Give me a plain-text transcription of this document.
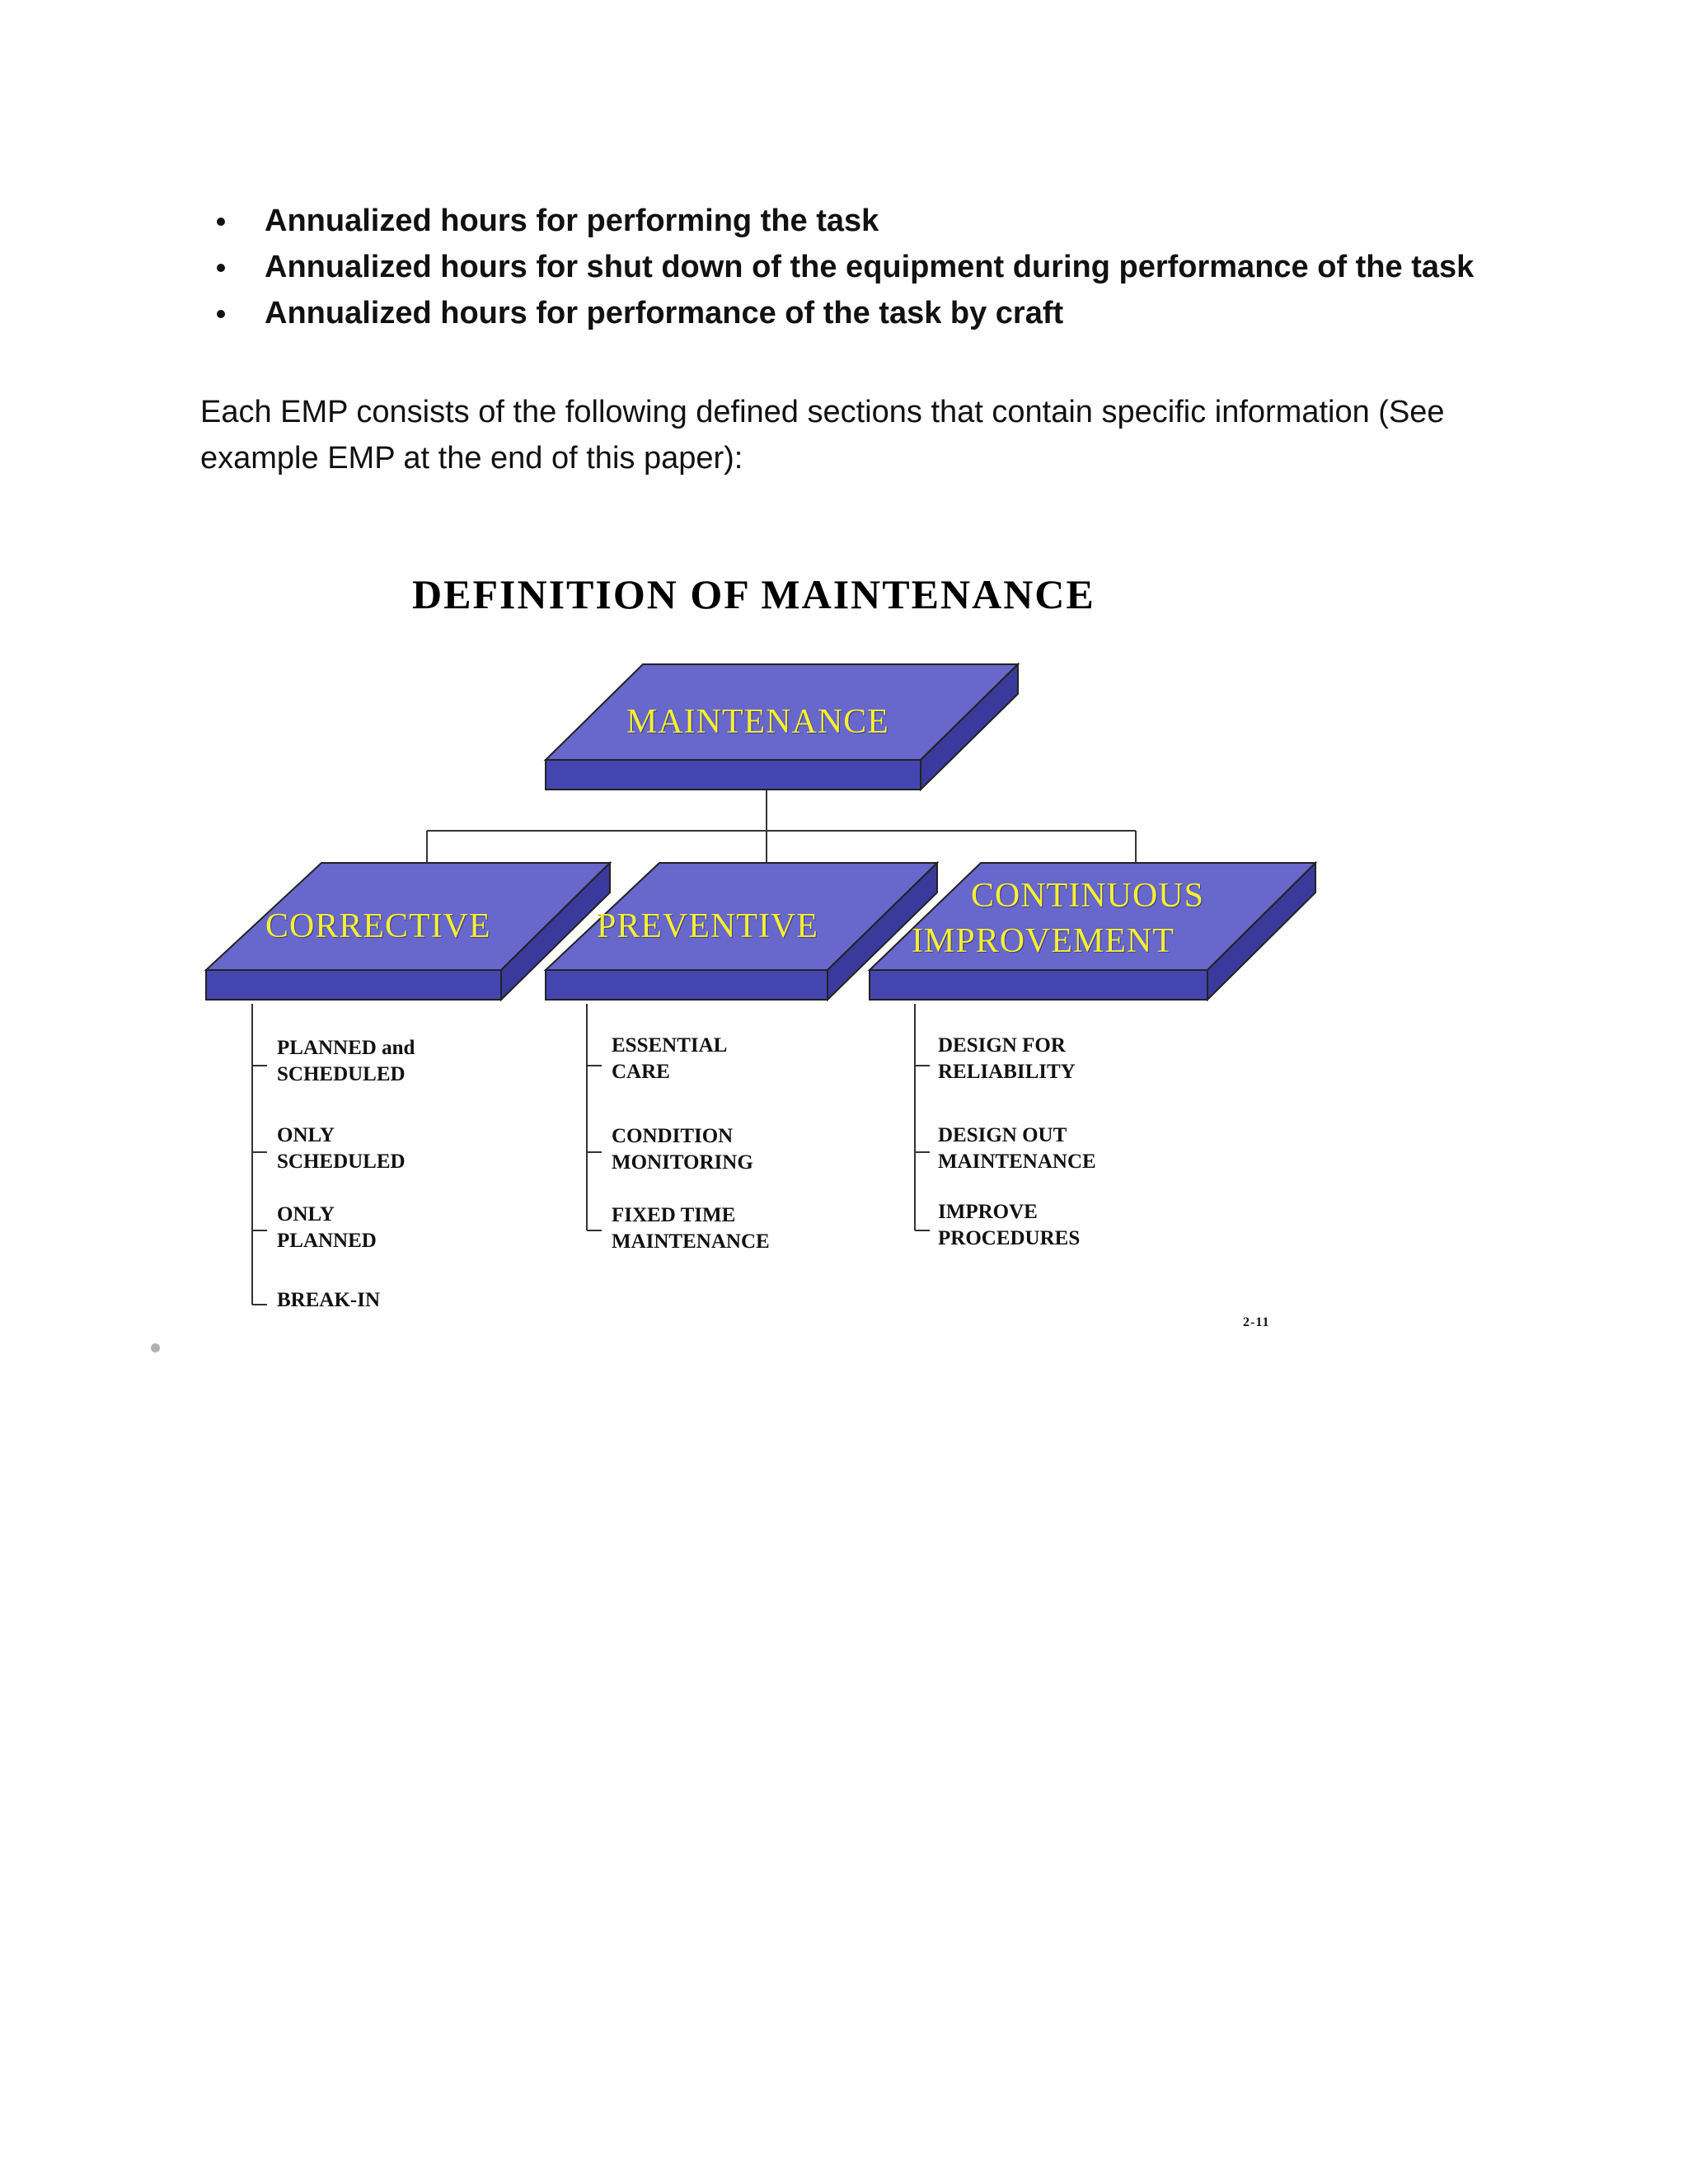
Annualized hours for performing the task
Annualized hours for shut down of the equipment during performance of the task
Annualized hours for performance of the task by craft

Each EMP consists of the following defined sections that contain specific information (See example EMP at the end of this paper):

DEFINITION OF MAINTENANCE
MAINTENANCE
CORRECTIVE	PREVENTIVE
CONTINUOUS
IMPROVEMENT
PLANNED and
SCHEDULED
ONLY
SCHEDULED
ONLY
PLANNED
BREAK-IN
ESSENTIAL
CARE
CONDITION
MONITORING
FIXED TIME
MAINTENANCE
DESIGN FOR
RELIABILITY
DESIGN OUT
MAINTENANCE
IMPROVE
PROCEDURES
2-11
